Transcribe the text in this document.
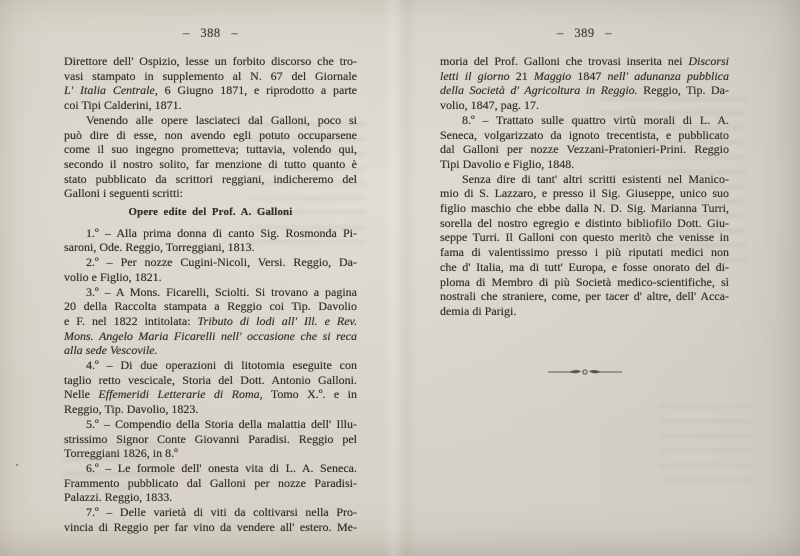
– 388 –
Direttore dell' Ospizio, lesse un forbito discorso che tro-
vasi stampato in supplemento al N. 67 del Giornale
L' Italia Centrale, 6 Giugno 1871, e riprodotto a parte
coi Tipi Calderini, 1871.
Venendo alle opere lasciateci dal Galloni, poco si
può dire di esse, non avendo egli potuto occuparsene
come il suo ingegno prometteva; tuttavia, volendo qui,
secondo il nostro solito, far menzione di tutto quanto è
stato pubblicato da scrittori reggiani, indicheremo del
Galloni i seguenti scritti:
Opere edite del Prof. A. Galloni
1.º – Alla prima donna di canto Sig. Rosmonda Pi-
saroni, Ode. Reggio, Torreggiani, 1813.
2.º – Per nozze Cugini-Nicoli, Versi. Reggio, Da-
volio e Figlio, 1821.
3.º – A Mons. Ficarelli, Sciolti. Si trovano a pagina
20 della Raccolta stampata a Reggio coi Tip. Davolio
e F. nel 1822 intitolata: Tributo di lodi all' Ill. e Rev.
Mons. Angelo Maria Ficarelli nell' occasione che si reca
alla sede Vescovile.
4.º – Di due operazioni di litotomia eseguite con
taglio retto vescicale, Storia del Dott. Antonio Galloni.
Nelle Effemeridi Letterarie di Roma, Tomo X.º. e in
Reggio, Tip. Davolio, 1823.
5.º – Compendio della Storia della malattia dell' Illu-
strissimo Signor Conte Giovanni Paradisi. Reggio pel
Torreggiani 1826, in 8.º
6.º – Le formole dell' onesta vita di L. A. Seneca.
Frammento pubblicato dal Galloni per nozze Paradisi-
Palazzi. Reggio, 1833.
7.º – Delle varietà di viti da coltivarsi nella Pro-
vincia di Reggio per far vino da vendere all' estero. Me-
– 389 –
moria del Prof. Galloni che trovasi inserita nei Discorsi
letti il giorno 21 Maggio 1847 nell' adunanza pubblica
della Società d' Agricoltura in Reggio. Reggio, Tip. Da-
volio, 1847, pag. 17.
8.º – Trattato sulle quattro virtù morali di L. A.
Seneca, volgarizzato da ignoto trecentista, e pubblicato
dal Galloni per nozze Vezzani-Pratonieri-Prini. Reggio
Tipi Davolio e Figlio, 1848.
Senza dire di tant' altri scritti esistenti nel Manico-
mio di S. Lazzaro, e presso il Sig. Giuseppe, unico suo
figlio maschio che ebbe dalla N. D. Sig. Marianna Turri,
sorella del nostro egregio e distinto bibliofilo Dott. Giu-
seppe Turri. Il Galloni con questo meritò che venisse in
fama di valentissimo presso i più riputati medici non
che d' Italia, ma di tutt' Europa, e fosse onorato del di-
ploma di Membro di più Società medico-scientifiche, sì
nostrali che straniere, come, per tacer d' altre, dell' Acca-
demia di Parigi.
